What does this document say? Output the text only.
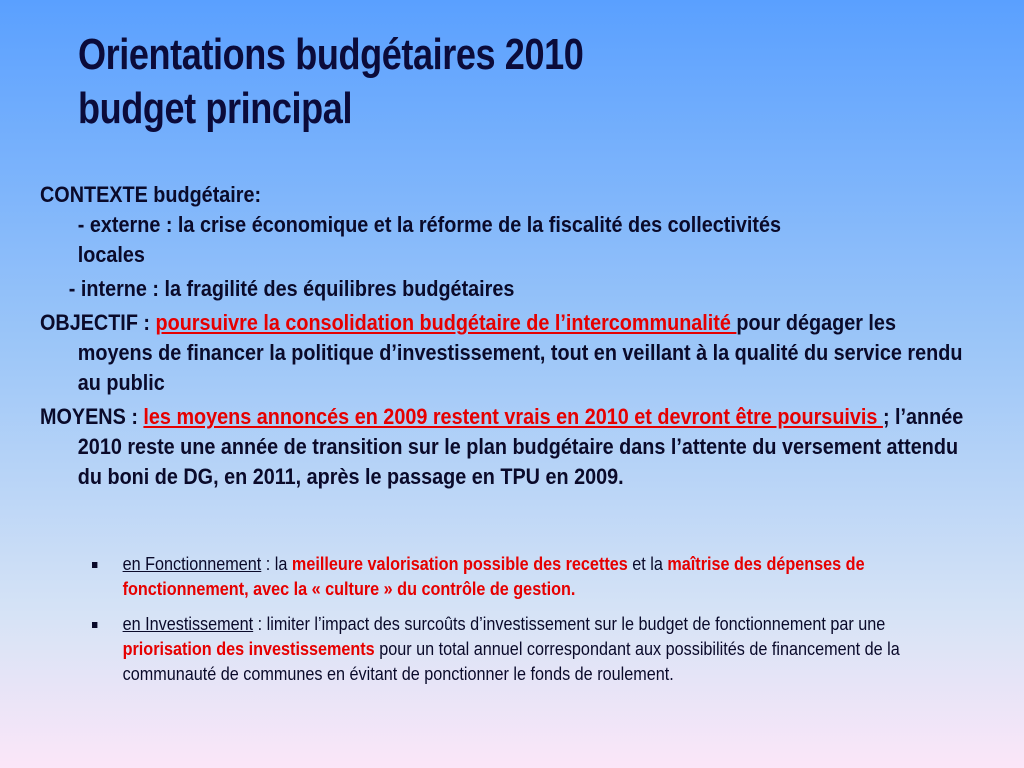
Orientations budgétaires 2010
budget principal

CONTEXTE budgétaire:

- externe : la crise économique et la réforme de la fiscalité des collectivités

locales

- interne : la fragilité des équilibres budgétaires

OBJECTIF : poursuivre la consolidation budgétaire de l’intercommunalité pour dégager les moyens de financer la politique d’investissement, tout en veillant à la qualité du service rendu au public

MOYENS : les moyens annoncés en 2009 restent vrais en 2010 et devront être poursuivis ; l’année 2010 reste une année de transition sur le plan budgétaire dans l’attente du versement attendu du boni de DG, en 2011, après le passage en TPU en 2009.

en Fonctionnement : la meilleure valorisation possible des recettes et la maîtrise des dépenses de fonctionnement, avec la « culture » du contrôle de gestion.
en Investissement : limiter l’impact des surcoûts d’investissement sur le budget de fonctionnement par une priorisation des investissements pour un total annuel correspondant aux possibilités de financement de la communauté de communes en évitant de ponctionner le fonds de roulement.
